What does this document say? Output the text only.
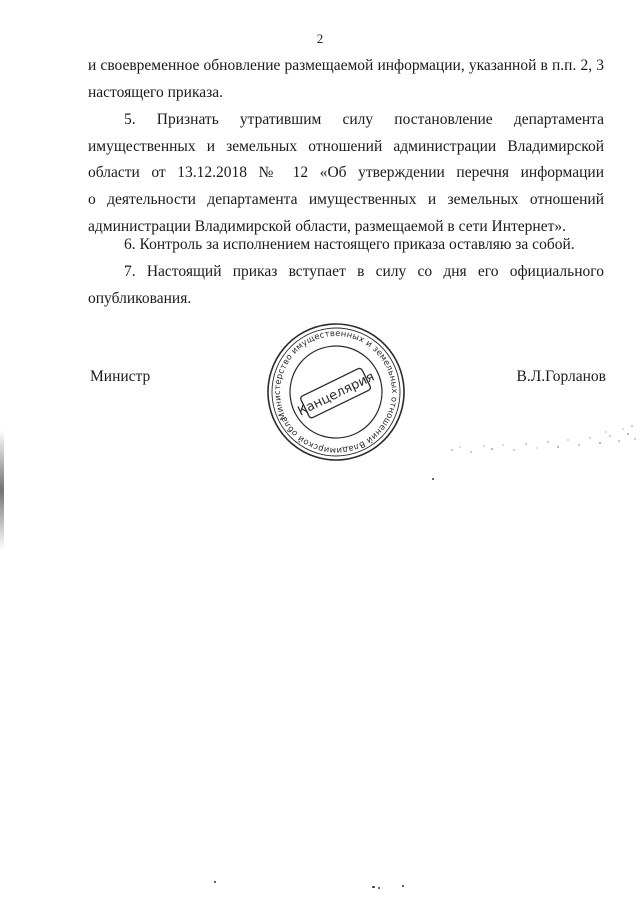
2
и своевременное обновление размещаемой информации, указанной в п.п. 2, 3
настоящего приказа.
5. Признать утратившим силу постановление департамента
имущественных и земельных отношений администрации Владимирской
области от 13.12.2018 № 12 «Об утверждении перечня информации
о деятельности департамента имущественных и земельных отношений
администрации Владимирской области, размещаемой в сети Интернет».
6. Контроль за исполнением настоящего приказа оставляю за собой.
7. Настоящий приказ вступает в силу со дня его официального
опубликования.
Министр	В.Л.Горланов
Министерство имущественных и земельных отношений Владимирской области
Канцелярия
